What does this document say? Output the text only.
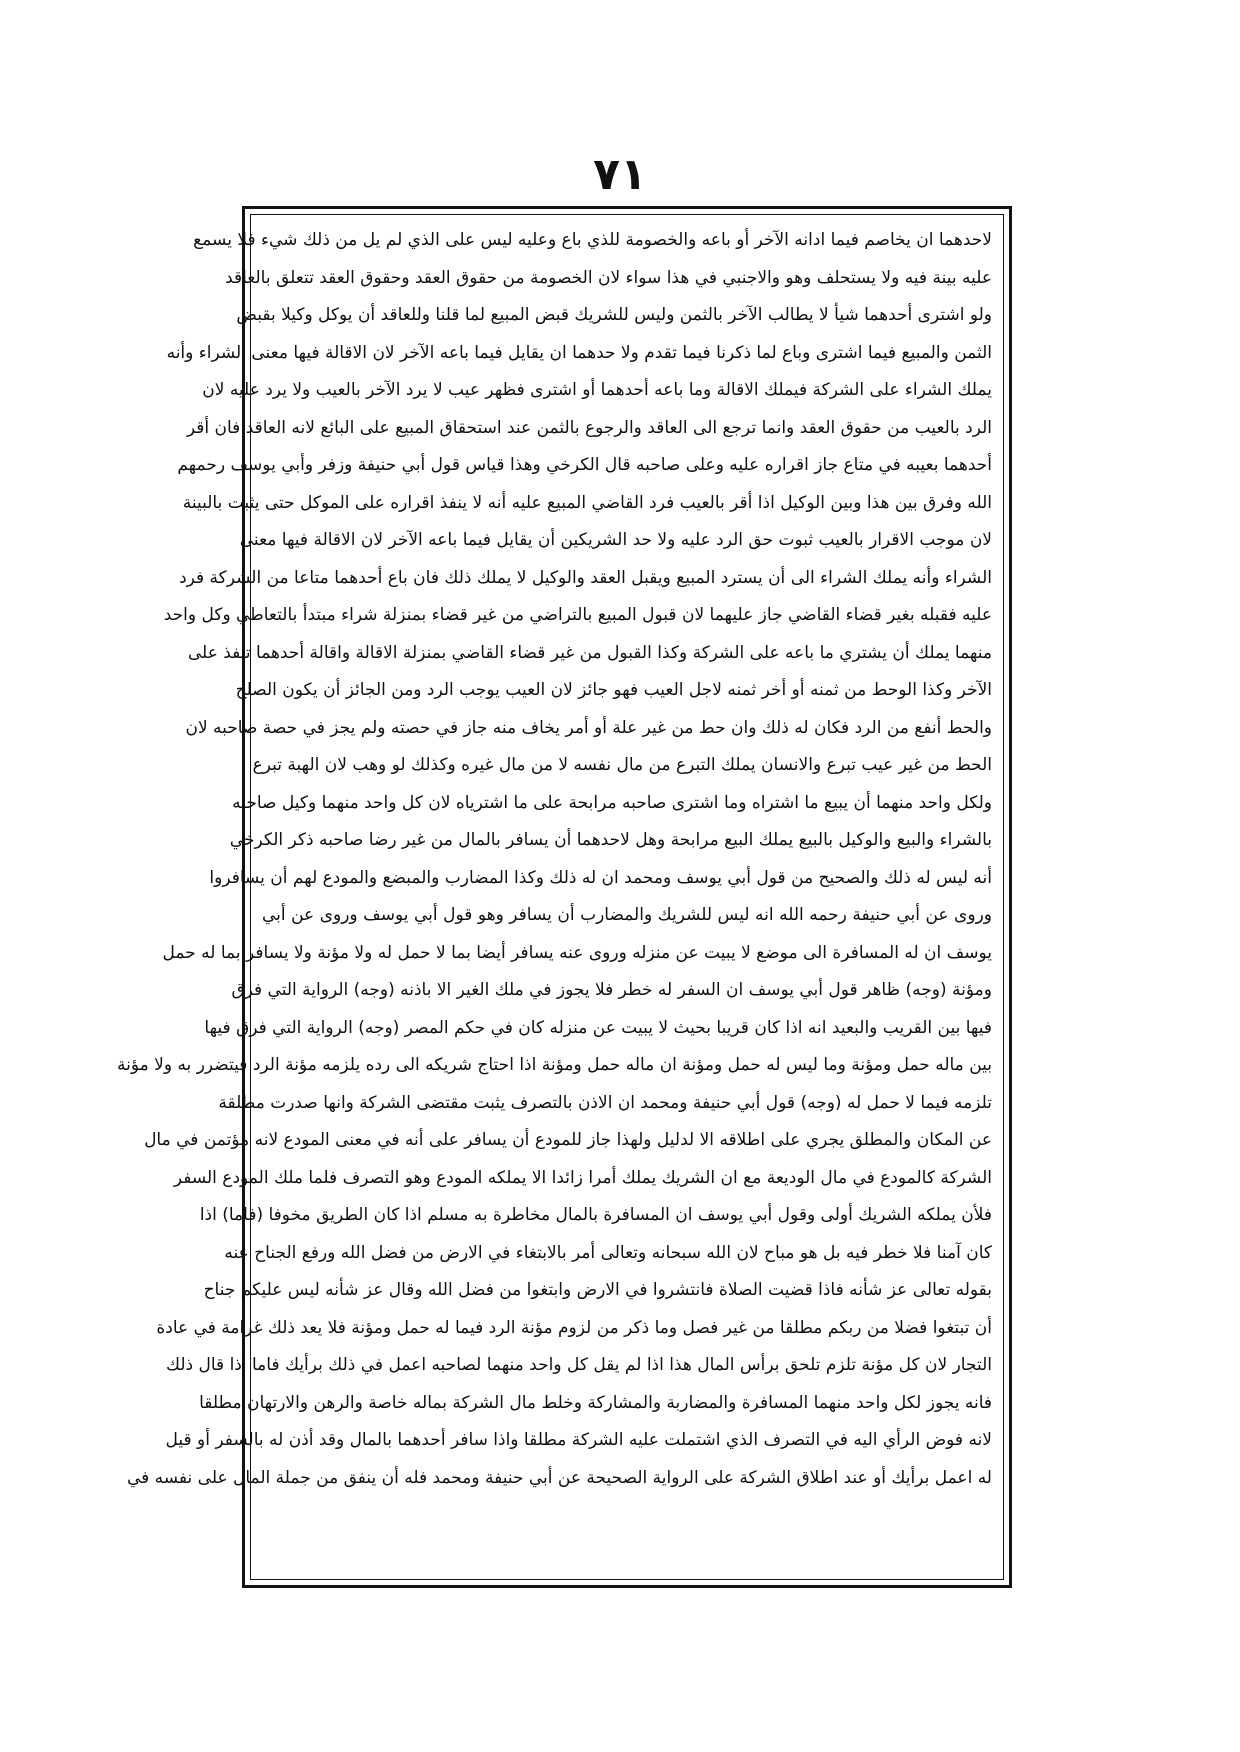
٧١
لاحدهما ان يخاصم فيما ادانه الآخر أو باعه والخصومة للذي باع وعليه ليس على الذي لم يل من ذلك شيء فلا يسمع
عليه بينة فيه ولا يستحلف وهو والاجنبي في هذا سواء لان الخصومة من حقوق العقد وحقوق العقد تتعلق بالعاقد
ولو اشترى أحدهما شيأ لا يطالب الآخر بالثمن وليس للشريك قبض المبيع لما قلنا وللعاقد أن يوكل وكيلا بقبض
الثمن والمبيع فيما اشترى وباع لما ذكرنا فيما تقدم ولا حدهما ان يقايل فيما باعه الآخر لان الاقالة فيها معنى الشراء وأنه
يملك الشراء على الشركة فيملك الاقالة وما باعه أحدهما أو اشترى فظهر عيب لا يرد الآخر بالعيب ولا يرد عليه لان
الرد بالعيب من حقوق العقد وانما ترجع الى العاقد والرجوع بالثمن عند استحقاق المبيع على البائع لانه العاقد فان أقر
أحدهما بعيبه في متاع جاز اقراره عليه وعلى صاحبه قال الكرخي وهذا قياس قول أبي حنيفة وزفر وأبي يوسف رحمهم
الله وفرق بين هذا وبين الوكيل اذا أقر بالعيب فرد القاضي المبيع عليه أنه لا ينفذ اقراره على الموكل حتى يثبت بالبينة
لان موجب الاقرار بالعيب ثبوت حق الرد عليه ولا حد الشريكين أن يقايل فيما باعه الآخر لان الاقالة فيها معنى
الشراء وأنه يملك الشراء الى أن يسترد المبيع ويقبل العقد والوكيل لا يملك ذلك فان باع أحدهما متاعا من الشركة فرد
عليه فقبله بغير قضاء القاضي جاز عليهما لان قبول المبيع بالتراضي من غير قضاء بمنزلة شراء مبتدأ بالتعاطي وكل واحد
منهما يملك أن يشتري ما باعه على الشركة وكذا القبول من غير قضاء القاضي بمنزلة الاقالة واقالة أحدهما تنفذ على
الآخر وكذا الوحط من ثمنه أو أخر ثمنه لاجل العيب فهو جائز لان العيب يوجب الرد ومن الجائز أن يكون الصلح
والحط أنفع من الرد فكان له ذلك وان حط من غير علة أو أمر يخاف منه جاز في حصته ولم يجز في حصة صاحبه لان
الحط من غير عيب تبرع والانسان يملك التبرع من مال نفسه لا من مال غيره وكذلك لو وهب لان الهبة تبرع
ولكل واحد منهما أن يبيع ما اشتراه وما اشترى صاحبه مرابحة على ما اشترياه لان كل واحد منهما وكيل صاحبه
بالشراء والبيع والوكيل بالبيع يملك البيع مرابحة وهل لاحدهما أن يسافر بالمال من غير رضا صاحبه ذكر الكرخي
أنه ليس له ذلك والصحيح من قول أبي يوسف ومحمد ان له ذلك وكذا المضارب والمبضع والمودع لهم أن يسافروا
وروى عن أبي حنيفة رحمه الله انه ليس للشريك والمضارب أن يسافر وهو قول أبي يوسف وروى عن أبي
يوسف ان له المسافرة الى موضع لا يبيت عن منزله وروى عنه يسافر أيضا بما لا حمل له ولا مؤنة ولا يسافر بما له حمل
ومؤنة (وجه) ظاهر قول أبي يوسف ان السفر له خطر فلا يجوز في ملك الغير الا باذنه (وجه) الرواية التي فرق
فيها بين القريب والبعيد انه اذا كان قريبا بحيث لا يبيت عن منزله كان في حكم المصر (وجه) الرواية التي فرق فيها
بين ماله حمل ومؤنة وما ليس له حمل ومؤنة ان ماله حمل ومؤنة اذا احتاج شريكه الى رده يلزمه مؤنة الرد فيتضرر به ولا مؤنة
تلزمه فيما لا حمل له (وجه) قول أبي حنيفة ومحمد ان الاذن بالتصرف يثبت مقتضى الشركة وانها صدرت مطلقة
عن المكان والمطلق يجري على اطلاقه الا لدليل ولهذا جاز للمودع أن يسافر على أنه في معنى المودع لانه مؤتمن في مال
الشركة كالمودع في مال الوديعة مع ان الشريك يملك أمرا زائدا الا يملكه المودع وهو التصرف فلما ملك المودع السفر
فلأن يملكه الشريك أولى وقول أبي يوسف ان المسافرة بالمال مخاطرة به مسلم اذا كان الطريق مخوفا (فاما) اذا
كان آمنا فلا خطر فيه بل هو مباح لان الله سبحانه وتعالى أمر بالابتغاء في الارض من فضل الله ورفع الجناح عنه
بقوله تعالى عز شأنه فاذا قضيت الصلاة فانتشروا في الارض وابتغوا من فضل الله وقال عز شأنه ليس عليكم جناح
أن تبتغوا فضلا من ربكم مطلقا من غير فصل وما ذكر من لزوم مؤنة الرد فيما له حمل ومؤنة فلا يعد ذلك غرامة في عادة
التجار لان كل مؤنة تلزم تلحق برأس المال هذا اذا لم يقل كل واحد منهما لصاحبه اعمل في ذلك برأيك فاما اذا قال ذلك
فانه يجوز لكل واحد منهما المسافرة والمضاربة والمشاركة وخلط مال الشركة بماله خاصة والرهن والارتهان مطلقا
لانه فوض الرأي اليه في التصرف الذي اشتملت عليه الشركة مطلقا واذا سافر أحدهما بالمال وقد أذن له بالسفر أو قيل
له اعمل برأيك أو عند اطلاق الشركة على الرواية الصحيحة عن أبي حنيفة ومحمد فله أن ينفق من جملة المال على نفسه في
